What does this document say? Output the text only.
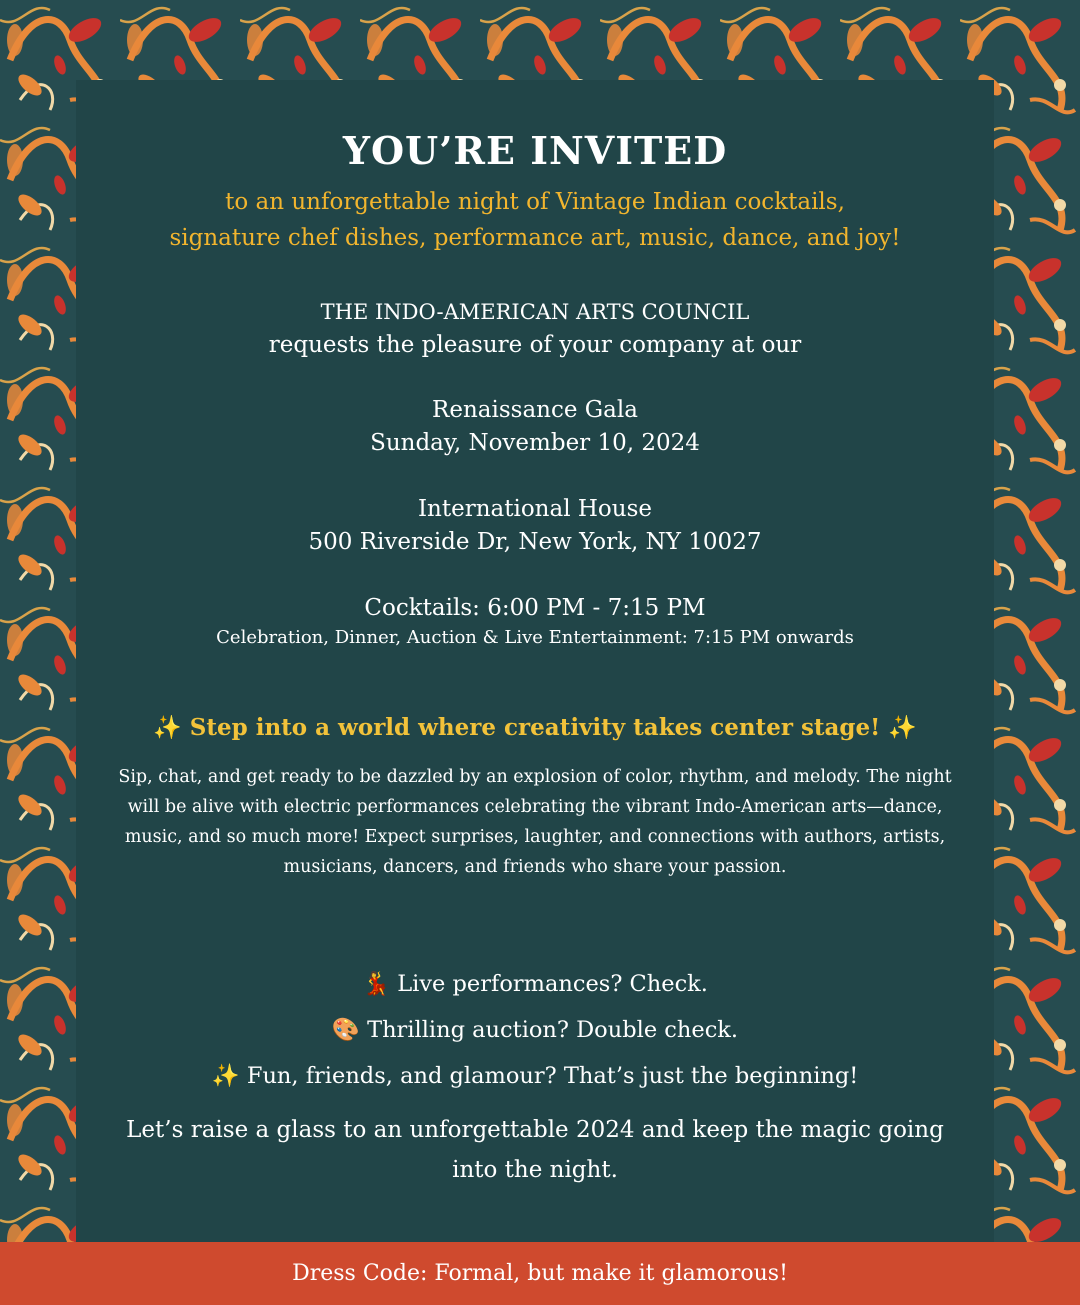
YOU’RE INVITED
to an unforgettable night of Vintage Indian cocktails,
signature chef dishes, performance art, music, dance, and joy!
THE INDO-AMERICAN ARTS COUNCIL
requests the pleasure of your company at our
Renaissance Gala
Sunday, November 10, 2024
International House
500 Riverside Dr, New York, NY 10027
Cocktails: 6:00 PM - 7:15 PM
Celebration, Dinner, Auction & Live Entertainment: 7:15 PM onwards
✨ Step into a world where creativity takes center stage! ✨
Sip, chat, and get ready to be dazzled by an explosion of color, rhythm, and melody. The night will be alive with electric performances celebrating the vibrant Indo-American arts—dance, music, and so much more! Expect surprises, laughter, and connections with authors, artists, musicians, dancers, and friends who share your passion.
💃 Live performances? Check.
🎨 Thrilling auction? Double check.
✨ Fun, friends, and glamour? That’s just the beginning!
Let’s raise a glass to an unforgettable 2024 and keep the magic going into the night.
Dress Code: Formal, but make it glamorous!
